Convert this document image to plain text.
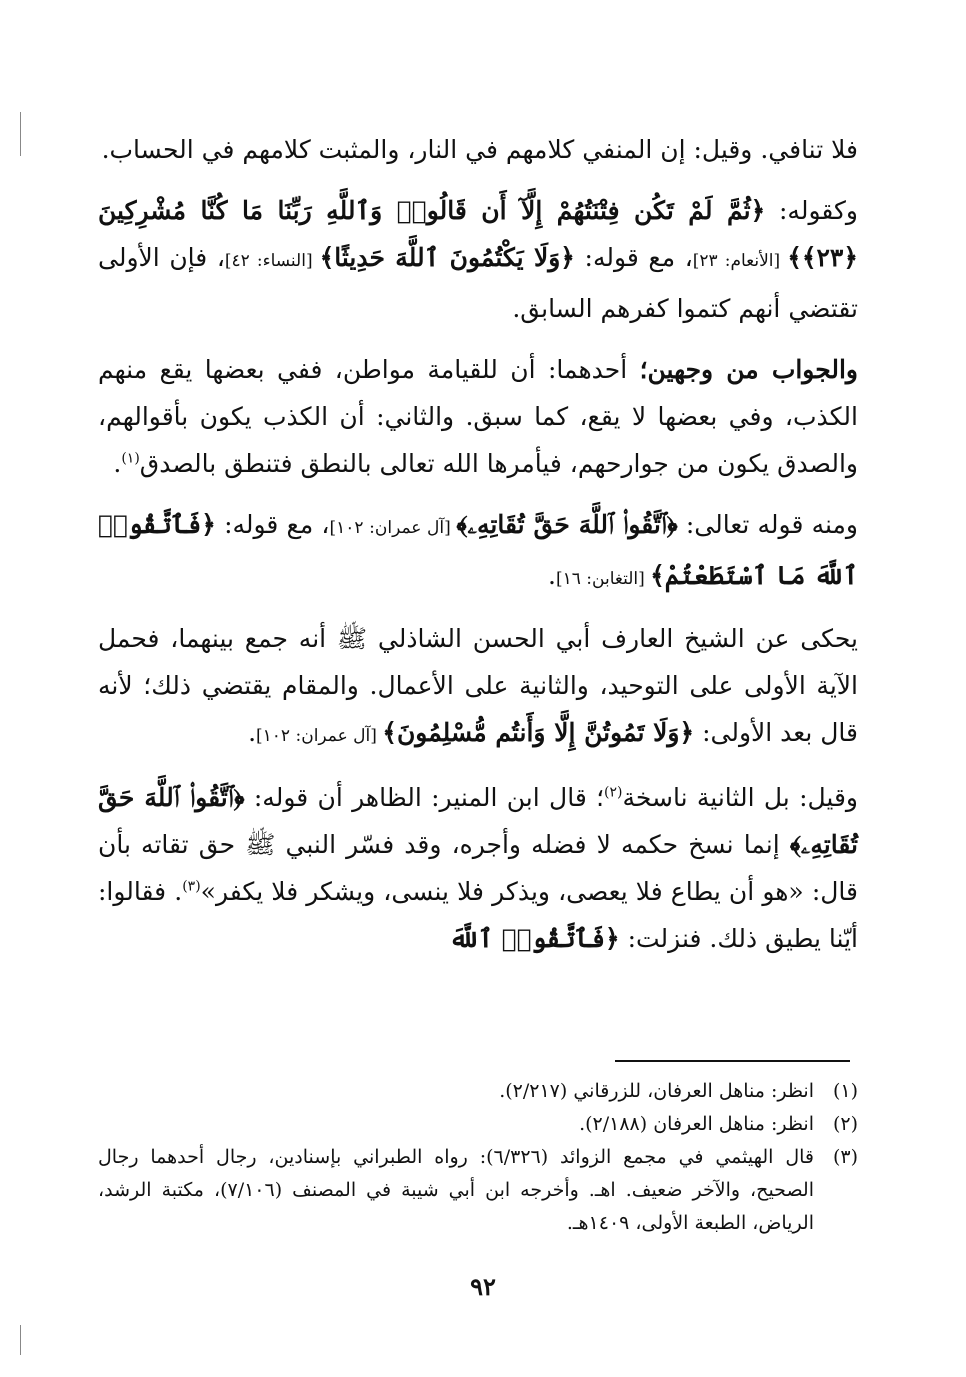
فلا تنافي. وقيل: إن المنفي كلامهم في النار، والمثبت كلامهم في الحساب.

وكقوله: ﴿ثُمَّ لَمْ تَكُن فِتْنَتُهُمْ إِلَّآ أَن قَالُوا۟ وَٱللَّهِ رَبِّنَا مَا كُنَّا مُشْرِكِينَ ﴿٢٣﴾﴾ [الأنعام: ٢٣]، مع قوله: ﴿وَلَا يَكْتُمُونَ ٱللَّهَ حَدِيثًا﴾ [النساء: ٤٢]، فإن الأولى تقتضي أنهم كتموا كفرهم السابق.

والجواب من وجهين؛ أحدهما: أن للقيامة مواطن، ففي بعضها يقع منهم الكذب، وفي بعضها لا يقع، كما سبق. والثاني: أن الكذب يكون بأقوالهم، والصدق يكون من جوارحهم، فيأمرها الله تعالى بالنطق فتنطق بالصدق$^{(١)}$.

ومنه قوله تعالى: ﴿ٱتَّقُوا۟ ٱللَّهَ حَقَّ تُقَاتِهِۦ﴾ [آل عمران: ١٠٢]، مع قوله: ﴿فَٱتَّقُوا۟ ٱللَّهَ مَا ٱسْتَطَعْتُمْ﴾ [التغابن: ١٦].

يحكى عن الشيخ العارف أبي الحسن الشاذلي ﷺ أنه جمع بينهما، فحمل الآية الأولى على التوحيد، والثانية على الأعمال. والمقام يقتضي ذلك؛ لأنه قال بعد الأولى: ﴿وَلَا تَمُوتُنَّ إِلَّا وَأَنتُم مُّسْلِمُونَ﴾ [آل عمران: ١٠٢].

وقيل: بل الثانية ناسخة$^{(٢)}$؛ قال ابن المنير: الظاهر أن قوله: ﴿ٱتَّقُوا۟ ٱللَّهَ حَقَّ تُقَاتِهِۦ﴾ إنما نسخ حكمه لا فضله وأجره، وقد فسّر النبي ﷺ حق تقاته بأن قال: «هو أن يطاع فلا يعصى، ويذكر فلا ينسى، ويشكر فلا يكفر»$^{(٣)}$. فقالوا: أيّنا يطيق ذلك. فنزلت: ﴿فَٱتَّقُوا۟ ٱللَّهَ

(١)
انظر: مناهل العرفان، للزرقاني (٢/٢١٧).
(٢)
انظر: مناهل العرفان (٢/١٨٨).
(٣)
قال الهيثمي في مجمع الزوائد (٦/٣٢٦): رواه الطبراني بإسنادين، رجال أحدهما رجال الصحيح، والآخر ضعيف. اهـ. وأخرجه ابن أبي شيبة في المصنف (٧/١٠٦)، مكتبة الرشد، الرياض، الطبعة الأولى، ١٤٠٩هـ.
٩٢
